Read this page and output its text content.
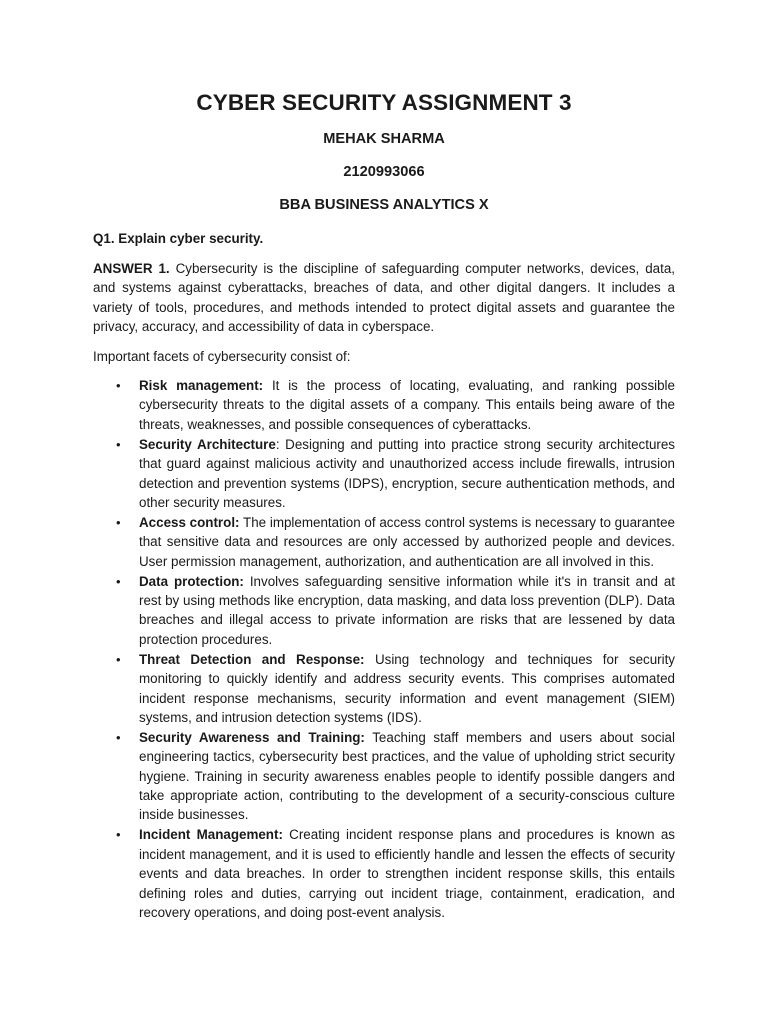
CYBER SECURITY ASSIGNMENT 3
MEHAK SHARMA
2120993066
BBA BUSINESS ANALYTICS X
Q1. Explain cyber security.

ANSWER 1. Cybersecurity is the discipline of safeguarding computer networks, devices, data, and systems against cyberattacks, breaches of data, and other digital dangers. It includes a variety of tools, procedures, and methods intended to protect digital assets and guarantee the privacy, accuracy, and accessibility of data in cyberspace.

Important facets of cybersecurity consist of:

• Risk management: It is the process of locating, evaluating, and ranking possible cybersecurity threats to the digital assets of a company. This entails being aware of the threats, weaknesses, and possible consequences of cyberattacks.
• Security Architecture: Designing and putting into practice strong security architectures that guard against malicious activity and unauthorized access include firewalls, intrusion detection and prevention systems (IDPS), encryption, secure authentication methods, and other security measures.
• Access control: The implementation of access control systems is necessary to guarantee that sensitive data and resources are only accessed by authorized people and devices. User permission management, authorization, and authentication are all involved in this.
• Data protection: Involves safeguarding sensitive information while it's in transit and at rest by using methods like encryption, data masking, and data loss prevention (DLP). Data breaches and illegal access to private information are risks that are lessened by data protection procedures.
• Threat Detection and Response: Using technology and techniques for security monitoring to quickly identify and address security events. This comprises automated incident response mechanisms, security information and event management (SIEM) systems, and intrusion detection systems (IDS).
• Security Awareness and Training: Teaching staff members and users about social engineering tactics, cybersecurity best practices, and the value of upholding strict security hygiene. Training in security awareness enables people to identify possible dangers and take appropriate action, contributing to the development of a security-conscious culture inside businesses.
• Incident Management: Creating incident response plans and procedures is known as incident management, and it is used to efficiently handle and lessen the effects of security events and data breaches. In order to strengthen incident response skills, this entails defining roles and duties, carrying out incident triage, containment, eradication, and recovery operations, and doing post-event analysis.
